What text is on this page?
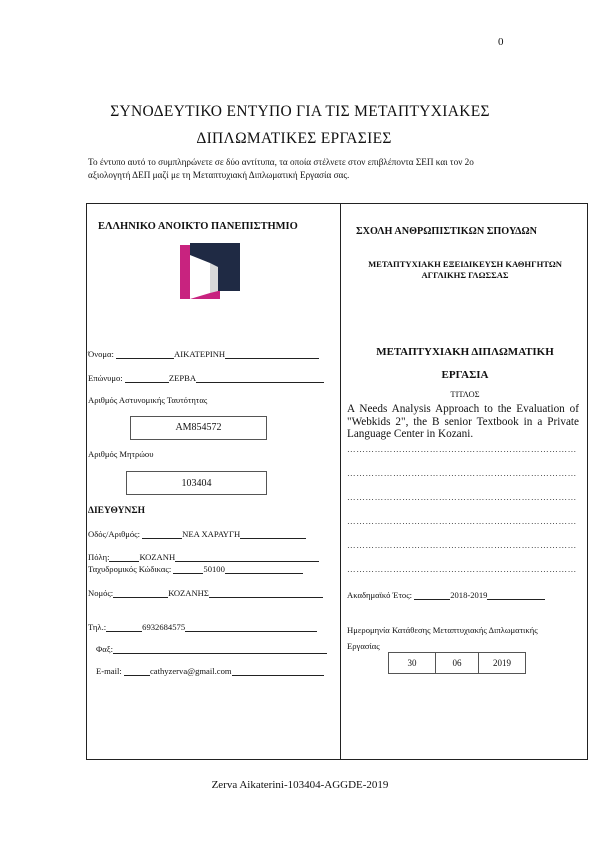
0
ΣΥΝΟΔΕΥΤΙΚΟ ΕΝΤΥΠΟ ΓΙΑ ΤΙΣ ΜΕΤΑΠΤΥΧΙΑΚΕΣ
ΔΙΠΛΩΜΑΤΙΚΕΣ ΕΡΓΑΣΙΕΣ
Το έντυπο αυτό το συμπληρώνετε σε δύο αντίτυπα, τα οποία στέλνετε στον επιβλέποντα ΣΕΠ και τον 2ο
αξιολογητή ΔΕΠ μαζί με τη Μεταπτυχιακή Διπλωματική Εργασία σας.
ΕΛΛΗΝΙΚΟ ΑΝΟΙΚΤΟ ΠΑΝΕΠΙΣΤΗΜΙΟ
Όνομα:	ΑΙΚΑΤΕΡΙΝΗ
Επώνυμο:	ΖΕΡΒΑ
Αριθμός Αστυνομικής Ταυτότητας
ΑΜ854572
Αριθμός Μητρώου
103404
ΔΙΕΥΘΥΝΣΗ
Οδός/Αριθμός:	ΝΕΑ ΧΑΡΑΥΓΗ
Πόλη:	ΚΟΖΑΝΗ
Ταχυδρομικός Κώδικας:	50100
Νομός:	ΚΟΖΑΝΗΣ
Τηλ.:	6932684575
Φαξ:
E-mail:	cathyzerva@gmail.com
ΣΧΟΛΗ ΑΝΘΡΩΠΙΣΤΙΚΩΝ ΣΠΟΥΔΩΝ
ΜΕΤΑΠΤΥΧΙΑΚΗ ΕΞΕΙΔΙΚΕΥΣΗ ΚΑΘΗΓΗΤΩΝ
ΑΓΓΛΙΚΗΣ ΓΛΩΣΣΑΣ
ΜΕΤΑΠΤΥΧΙΑΚΗ ΔΙΠΛΩΜΑΤΙΚΗ
ΕΡΓΑΣΙΑ
ΤΙΤΛΟΣ
A Needs Analysis Approach to the Evaluation of "Webkids 2", the B senior Textbook in a Private Language Center in Kozani.
…………………………………………………………………
…………………………………………………………………
…………………………………………………………………
…………………………………………………………………
…………………………………………………………………
…………………………………………………………………
Ακαδημαϊκό Έτος:	2018-2019
Ημερομηνία Κατάθεσης Μεταπτυχιακής Διπλωματικής
Εργασίας
30	06	2019
Zerva Aikaterini-103404-AGGDE-2019
